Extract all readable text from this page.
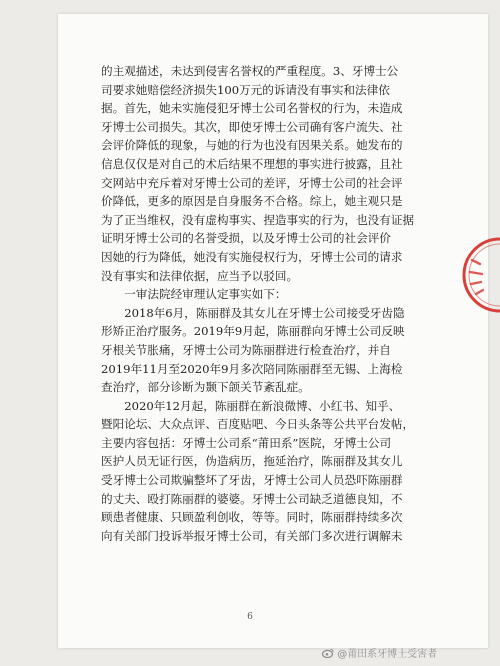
的主观描述，未达到侵害名誉权的严重程度。3、牙博士公
司要求她赔偿经济损失100万元的诉请没有事实和法律依
据。首先，她未实施侵犯牙博士公司名誉权的行为，未造成
牙博士公司损失。其次，即使牙博士公司确有客户流失、社
会评价降低的现象，与她的行为也没有因果关系。她发布的
信息仅仅是对自己的术后结果不理想的事实进行披露，且社
交网站中充斥着对牙博士公司的差评，牙博士公司的社会评
价降低，更多的原因是自身服务不合格。综上，她主观只是
为了正当维权，没有虚构事实、捏造事实的行为，也没有证据
证明牙博士公司的名誉受损，以及牙博士公司的社会评价
因她的行为降低，她没有实施侵权行为，牙博士公司的请求
没有事实和法律依据，应当予以驳回。
一审法院经审理认定事实如下：
2018年6月，陈丽群及其女儿在牙博士公司接受牙齿隐
形矫正治疗服务。2019年9月起，陈丽群向牙博士公司反映
牙根关节胀痛，牙博士公司为陈丽群进行检查治疗，并自
2019年11月至2020年9月多次陪同陈丽群至无锡、上海检
查治疗，部分诊断为颞下颌关节紊乱症。
2020年12月起，陈丽群在新浪微博、小红书、知乎、
暨阳论坛、大众点评、百度贴吧、今日头条等公共平台发帖，
主要内容包括：牙博士公司系“莆田系”医院，牙博士公司
医护人员无证行医，伪造病历，拖延治疗，陈丽群及其女儿
受牙博士公司欺骗整坏了牙齿，牙博士公司人员恐吓陈丽群
的丈夫、殴打陈丽群的婆婆。牙博士公司缺乏道德良知，不
顾患者健康、只顾盈利创收，等等。同时，陈丽群持续多次
向有关部门投诉举报牙博士公司，有关部门多次进行调解未
6
@莆田系牙博士受害者
